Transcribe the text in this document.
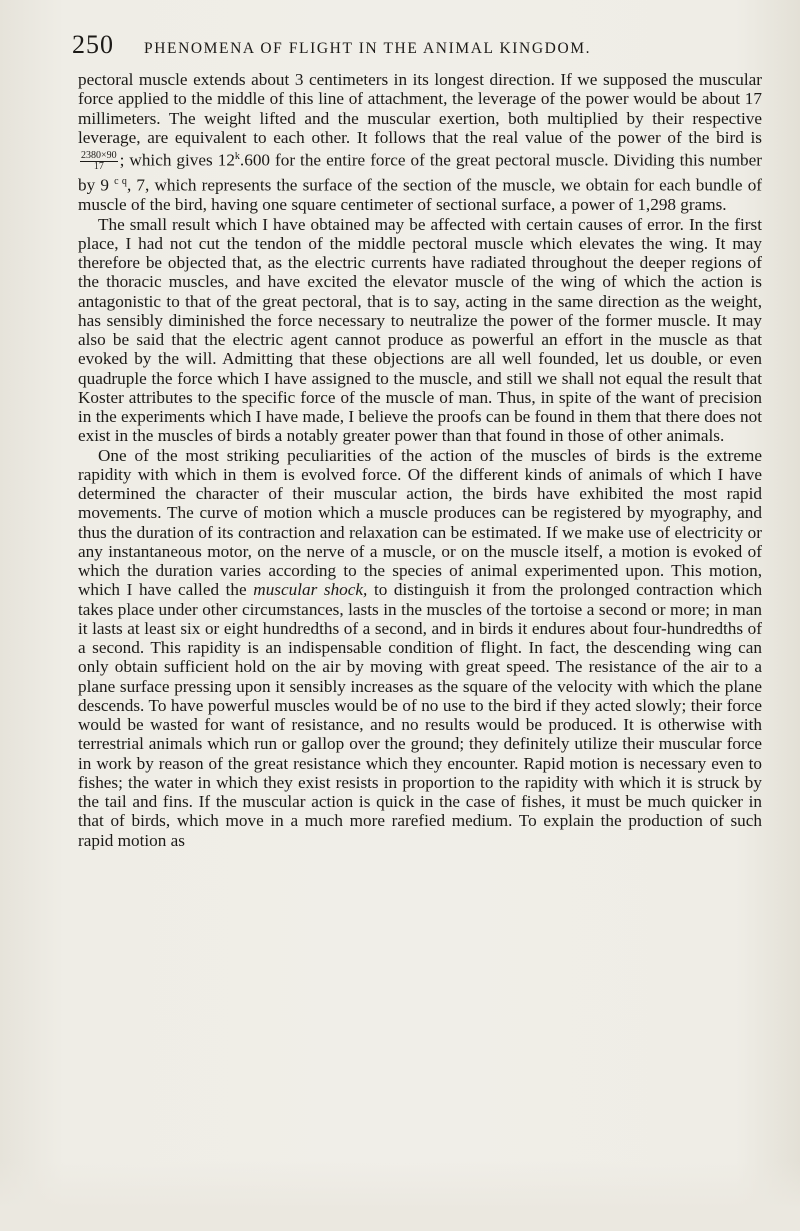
250 PHENOMENA OF FLIGHT IN THE ANIMAL KINGDOM.

pectoral muscle extends about 3 centimeters in its longest direction. If we supposed the muscular force applied to the middle of this line of attachment, the leverage of the power would be about 17 millimeters. The weight lifted and the muscular exertion, both multiplied by their respective leverage, are equivalent to each other. It follows that the real value of the power of the bird is
$\frac{2380\times 90}{17}$ ; which gives 12$^k$.600 for the entire force of the great pectoral muscle. Dividing this number by 9 $^{c q}$, 7, which represents the surface of the section of the muscle, we obtain for each bundle of muscle of the bird, having one square centimeter of sectional surface, a power of 1,298 grams.

The small result which I have obtained may be affected with certain causes of error. In the first place, I had not cut the tendon of the middle pectoral muscle which elevates the wing. It may therefore be objected that, as the electric currents have radiated throughout the deeper regions of the thoracic muscles, and have excited the elevator muscle of the wing of which the action is antagonistic to that of the great pectoral, that is to say, acting in the same direction as the weight, has sensibly diminished the force necessary to neutralize the power of the former muscle. It may also be said that the electric agent cannot produce as powerful an effort in the muscle as that evoked by the will. Admitting that these objections are all well founded, let us double, or even quadruple the force which I have assigned to the muscle, and still we shall not equal the result that Koster attributes to the specific force of the muscle of man. Thus, in spite of the want of precision in the experiments which I have made, I believe the proofs can be found in them that there does not exist in the muscles of birds a notably greater power than that found in those of other animals.

One of the most striking peculiarities of the action of the muscles of birds is the extreme rapidity with which in them is evolved force. Of the different kinds of animals of which I have determined the character of their muscular action, the birds have exhibited the most rapid movements. The curve of motion which a muscle produces can be registered by myography, and thus the duration of its contraction and relaxation can be estimated. If we make use of electricity or any instantaneous motor, on the nerve of a muscle, or on the muscle itself, a motion is evoked of which the duration varies according to the species of animal experimented upon. This motion, which I have called the muscular shock, to distinguish it from the prolonged contraction which takes place under other circumstances, lasts in the muscles of the tortoise a second or more; in man it lasts at least six or eight hundredths of a second, and in birds it endures about four-hundredths of a second. This rapidity is an indispensable condition of flight. In fact, the descending wing can only obtain sufficient hold on the air by moving with great speed. The resistance of the air to a plane surface pressing upon it sensibly increases as the square of the velocity with which the plane descends. To have powerful muscles would be of no use to the bird if they acted slowly; their force would be wasted for want of resistance, and no results would be produced. It is otherwise with terrestrial animals which run or gallop over the ground; they definitely utilize their muscular force in work by reason of the great resistance which they encounter. Rapid motion is necessary even to fishes; the water in which they exist resists in proportion to the rapidity with which it is struck by the tail and fins. If the muscular action is quick in the case of fishes, it must be much quicker in that of birds, which move in a much more rarefied medium. To explain the production of such rapid motion as
